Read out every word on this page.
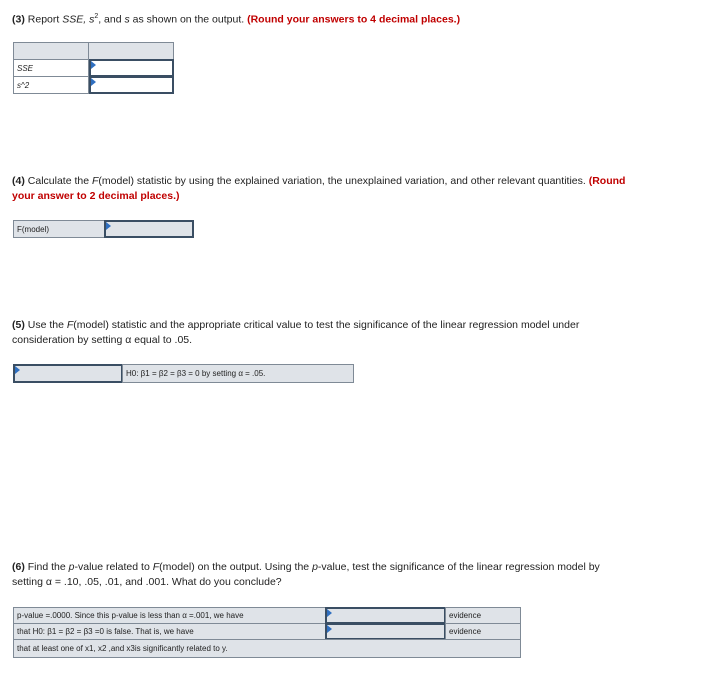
(3) Report SSE, $s^2$, and s as shown on the output. (Round your answers to 4 decimal places.)
SSE
s^2
(4) Calculate the F(model) statistic by using the explained variation, the unexplained variation, and other relevant quantities. (Round
your answer to 2 decimal places.)
F(model)
(5) Use the F(model) statistic and the appropriate critical value to test the significance of the linear regression model under
consideration by setting α equal to .05.
H0: β1 = β2 = β3 = 0 by setting α = .05.
(6) Find the p-value related to F(model) on the output. Using the p-value, test the significance of the linear regression model by
setting α = .10, .05, .01, and .001. What do you conclude?
p-value =.0000. Since this p-value is less than α =.001, we have	evidence
that H0: β1 = β2 = β3 =0 is false. That is, we have	evidence
that at least one of x1, x2 ,and x3is significantly related to y.
